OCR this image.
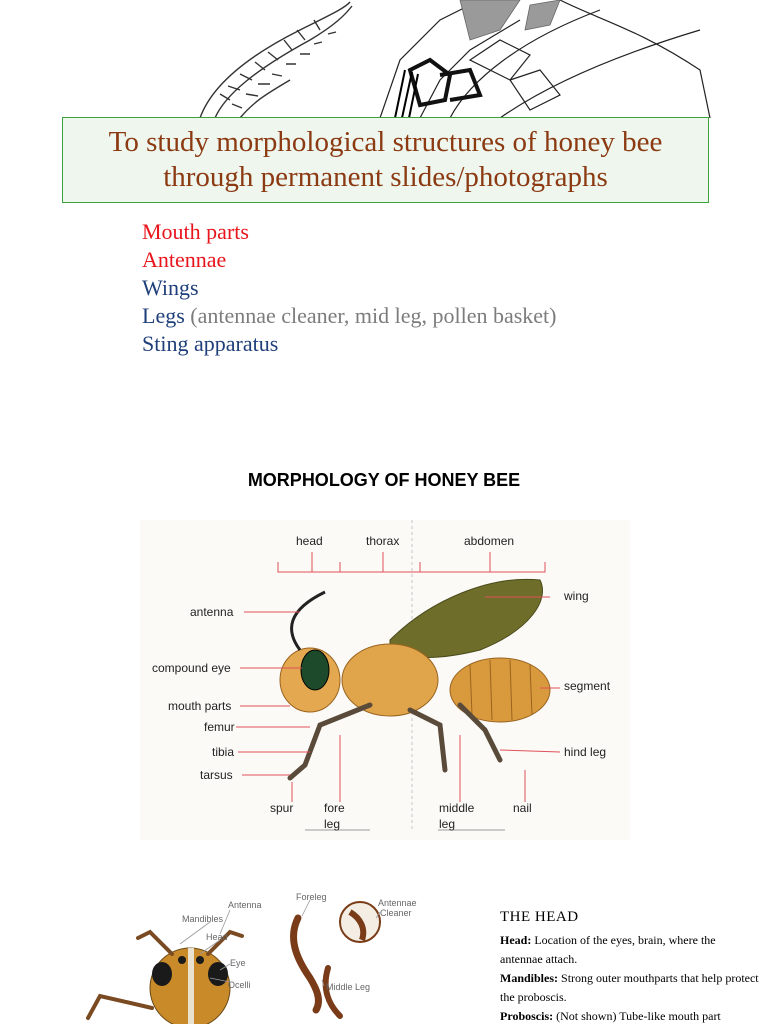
To study morphological structures of honey bee
through permanent slides/photographs
Mouth parts
Antennae
Wings
Legs (antennae cleaner, mid leg, pollen basket)
Sting apparatus
MORPHOLOGY OF HONEY BEE
head	thorax	abdomen
wing
antenna
compound eye
segment
mouth parts
femur
tibia
tarsus
hind leg
spur	fore
leg
middle
leg
nail
Antenna
Mandibles
Head
Eye
Ocelli
Foreleg
Antennae
Cleaner
Middle Leg
THE HEAD

Head: Location of the eyes, brain, where the antennae attach.

Mandibles: Strong outer mouthparts that help protect the proboscis.

Proboscis: (Not shown) Tube-like mouth part
